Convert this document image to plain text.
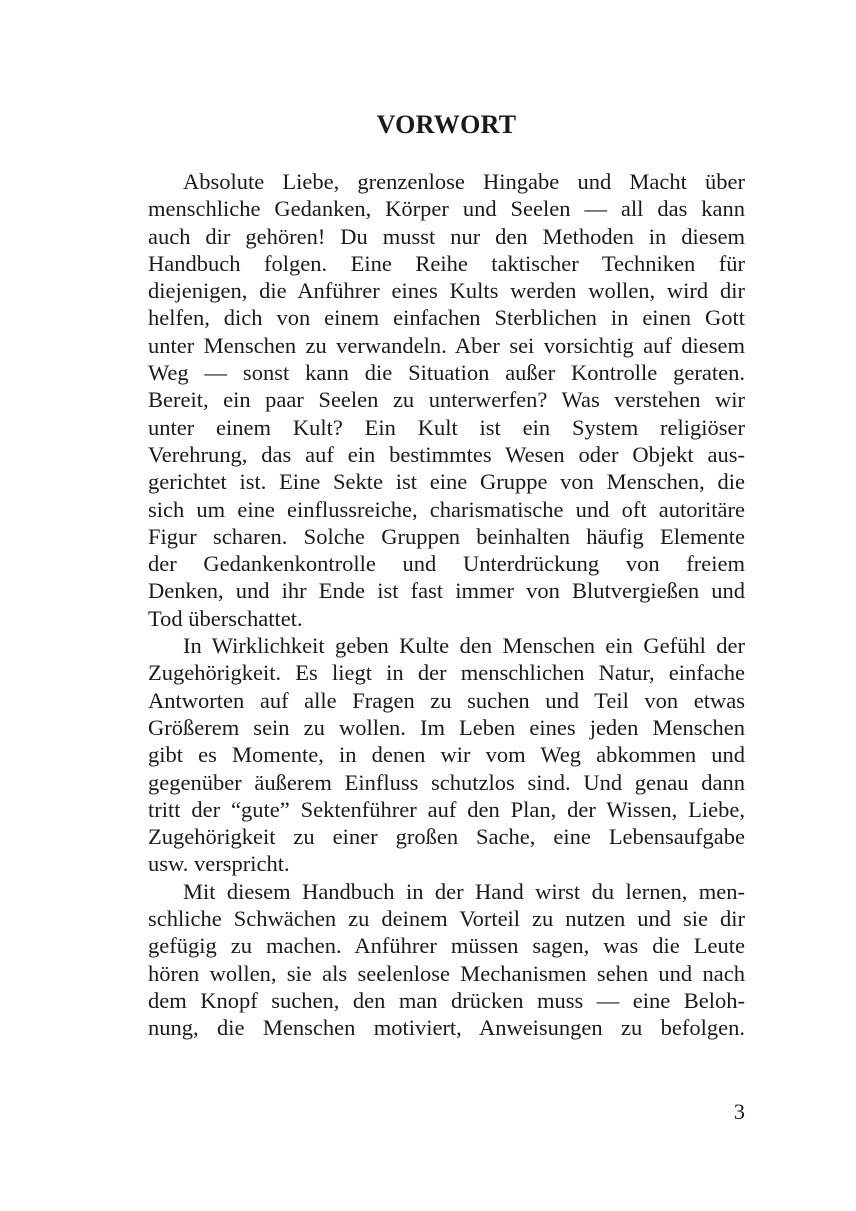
VORWORT
Absolute Liebe, grenzenlose Hingabe und Macht über
menschliche Gedanken, Körper und Seelen — all das kann
auch dir gehören! Du musst nur den Methoden in diesem
Handbuch folgen. Eine Reihe taktischer Techniken für
diejenigen, die Anführer eines Kults werden wollen, wird dir
helfen, dich von einem einfachen Sterblichen in einen Gott
unter Menschen zu verwandeln. Aber sei vorsichtig auf diesem
Weg — sonst kann die Situation außer Kontrolle geraten.
Bereit, ein paar Seelen zu unterwerfen? Was verstehen wir
unter einem Kult? Ein Kult ist ein System religiöser
Verehrung, das auf ein bestimmtes Wesen oder Objekt aus-
gerichtet ist. Eine Sekte ist eine Gruppe von Menschen, die
sich um eine einflussreiche, charismatische und oft autoritäre
Figur scharen. Solche Gruppen beinhalten häufig Elemente
der Gedankenkontrolle und Unterdrückung von freiem
Denken, und ihr Ende ist fast immer von Blutvergießen und
Tod überschattet.
In Wirklichkeit geben Kulte den Menschen ein Gefühl der
Zugehörigkeit. Es liegt in der menschlichen Natur, einfache
Antworten auf alle Fragen zu suchen und Teil von etwas
Größerem sein zu wollen. Im Leben eines jeden Menschen
gibt es Momente, in denen wir vom Weg abkommen und
gegenüber äußerem Einfluss schutzlos sind. Und genau dann
tritt der “gute” Sektenführer auf den Plan, der Wissen, Liebe,
Zugehörigkeit zu einer großen Sache, eine Lebensaufgabe
usw. verspricht.
Mit diesem Handbuch in der Hand wirst du lernen, men-
schliche Schwächen zu deinem Vorteil zu nutzen und sie dir
gefügig zu machen. Anführer müssen sagen, was die Leute
hören wollen, sie als seelenlose Mechanismen sehen und nach
dem Knopf suchen, den man drücken muss — eine Beloh-
nung, die Menschen motiviert, Anweisungen zu befolgen.
3
